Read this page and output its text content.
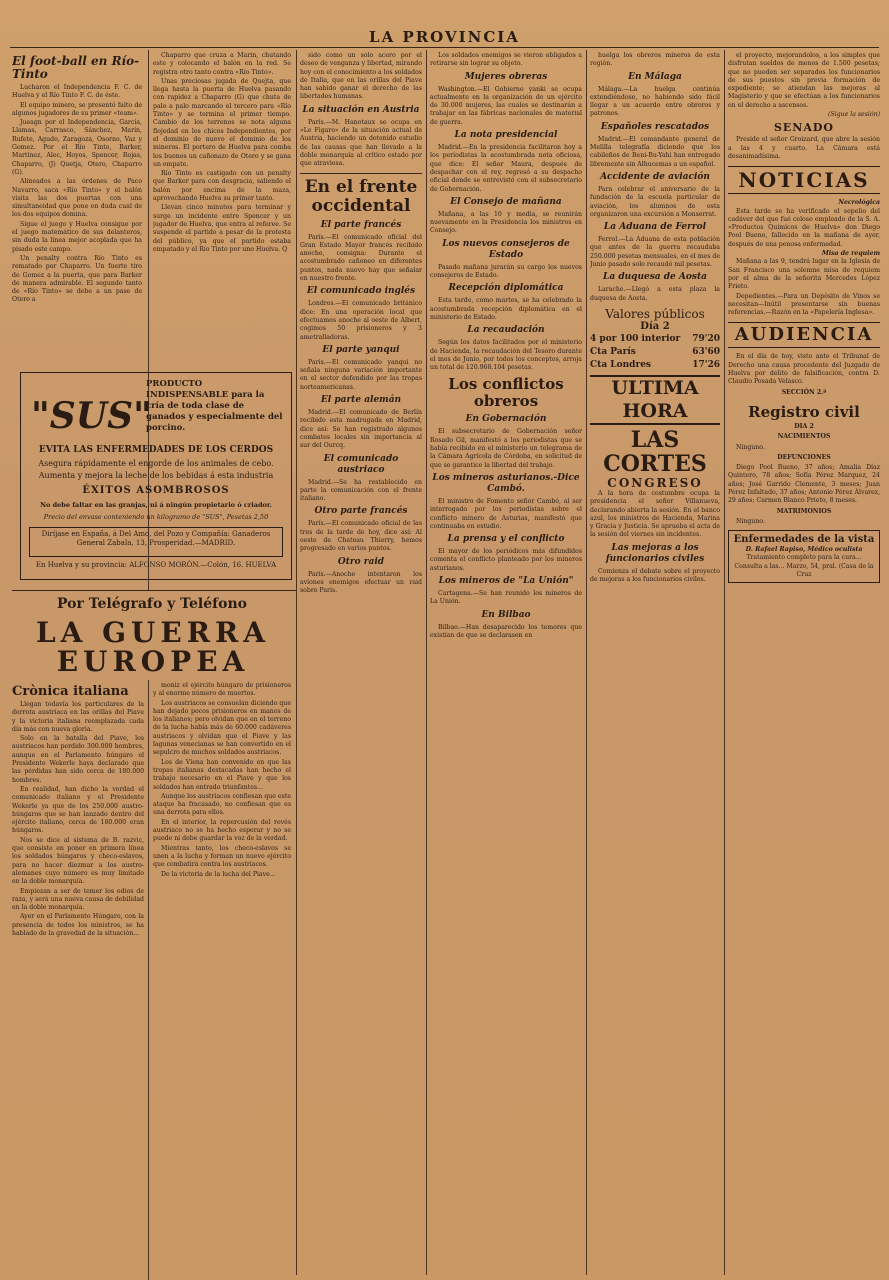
LA PROVINCIA
El foot-ball en Río-Tinto

Lucharon el Independencia F. C. de Huelva y el Río Tinto F. C. de éste.

El equipo minero, se presentó falto de algunos jugadores de su primer «team».

Jueagn por el Independencia, García, Llamas, Carrasco, Sánchez, Marín, Rufete, Agudo, Zaragoza, Osorno, Vaz y Gomez. Por el Río Tinto, Barker, Martínez, Alec, Hoyos, Spencer, Rojas, Chaparro, (J) Quetja, Otero, Chaparro (G).

Alineados a las órdenes de Paco Navarro, saca «Río Tinto» y el balón visita las dos puertas con una simultaneidad que pone en duda cual de los dos equipos domina.

Sigue el juego y Huelva consigue por el juego matemático de sus delanteros, sin duda la línea mejor acoplada que ha pisado este campo.

Un penalty contra Río Tinto es rematado por Chaparro. Un fuerte tiro de Gomez a la puerta, que para Barker de manera admirable. El segundo tanto de «Río Tinto» se debe a un pase de Otero a

Chaparro que cruza a Marín, chutando este y colocando el balón en la red. Se registra otro tanto contra «Río Tinto».

Unas preciosas jugada de Quejta, que llega hasta la puerta de Huelva pasando con rapidez a Chaparro (G) que chuta de palo a palo marcando el tercero para «Río Tinto» y se termina el primer tiempo. Cambio de los terrenos se nota alguna flojedad en los chicos Independientes, por el dominio de nuevo el dominio de los mineros. El portero de Huelva para comba los buenos un cañonazo de Otero y se gana un empate.

Río Tinto es castigado con un penalty que Barker para con desgracia, saliendo el balón por encima de la maza, aprovechando Huelva su primer tanto.

Llevan cinco minutos para terminar y surge un incidente entre Spencer y un jugador de Huelva, que entra al referee. Se suspende el partido a pesar de la protesta del público, ya que el partido estaba empatado y el Río Tinto por uno Huelva. Q

"SUS"
PRODUCTO INDISPENSABLE para la cría de toda clase de ganados y especialmente del porcino.
EVITA LAS ENFERMEDADES DE LOS CERDOS
Asegura rápidamente el engorde de los animales de cebo.
Aumenta y mejora la leche de los bebidas á esta industria
ÉXITOS ASOMBROSOS
No debe faltar en las granjas, ni á ningún propietario ó criador.
Precio del envase conteniendo un kilogramo de "SUS", Pesetas 2,50
Diríjase en España, á Del Amo, del Pozo y Compañía: Ganaderos General Zabala, 13, Prosperidad.—MADRID.
En Huelva y su provincia: ALFONSO MORÓN.—Colón, 16. HUELVA
Por Telégrafo y Teléfono
LA GUERRA EUROPEA
Crònica italiana

Llegan todavía los particulares de la derrota austriaca en las orillas del Piave y la victoria italiana reemplazada cada día más con nueva gloria.

Solo en la batalla del Piave, los austriacos han perdido 300.000 hombres, aunque en el Parlamento húngaro el Presidente Wekerle haya declarado que las pérdidas han sido cerca de 180.000 hombres.

En realidad, han dicho la verdad el comunicado italiano y el Presidente Wekerle ya que de los 250.000 austro-húngaros que se han lanzado dentro del ejército italiano, cerca de 180.000 eran húngaros.

Nos se dice al sistema de B. razvic, que consiste en poner en primera línea los soldados húngaros y checo-eslavos, para no hacer diezmar a los austro-alemanes cuyo número es muy limitado en la doble monarquía.

Empiezan a ser de temer los odios de raza, y será una nueva causa de debilidad en la doble monarquía.

Ayer en el Parlamento Húngaro, con la presencia de todos los ministros, se ha hablado de la gravedad de la situación...

moniz el ejército húngaro de prisioneros y al enorme número de muertos.

Los austriacos se consuelan diciendo que han dejado pocos prisioneros en manos de los italianos; pero olvidan que en el terreno de la lucha había más de 60.000 cadáveres austriacos y olvidan que el Piave y las lagunas venecianas se han convertido en el sepulcro de muchos soldados austriacos.

Los de Viena han convenido en que las tropas italianas destacadas han hecho el trabajo necesario en el Piave y que los soldados han entrado triunfantes...

Aunque los austriacos confiesan que este ataque ha fracasado, no confiesan que es una derrota para ellos.

En el interior, la repercusión del revés austriaco no se ha hecho esperar y no se puede ni debe guardar la voz de la verdad.

Mientras tanto, los checo-eslavos se unen a la lucha y forman un nuevo ejército que combatirá contra los austriacos.

De la victoria de la lucha del Piave...

sido como un solo acero por el deseo de venganza y libertad, mirando hoy con el conocimiento a los soldados de Italia, que en las orillas del Piave han sabido ganar el derecho de las libertades humanas.

La situación en Austria

París.—M. Hanotaux se ocupa en «Le Figaro» de la situación actual de Austria, haciendo un detenido estudio de las causas que han llevado a la doble monarquía al crítico estado por que atraviesa.

En el frente occidental
El parte francés

París.—El comunicado oficial del Gran Estado Mayor francés recibido anoche, consigna: Durante el acostumbrado cañoneo en diferentes puntos, nada nuevo hay que señalar en nuestro frente.

El comunicado inglés

Londres.—El comunicado británico dice: En una operación local que efectuamos anoche al oeste de Albert, cogimos 50 prisioneros y 3 ametralladoras.

El parte yanqui

París.—El comunicado yanqui no señala ninguna variación importante en el sector defendido por las tropas norteamericanas.

El parte alemán

Madrid.—El comunicado de Berlín recibido esta madrugada en Madrid, dice así: Se han registrado algunos combates locales sin importancia al sur del Ourcq.

El comunicado austriaco

Madrid.—Se ha restablecido en parte la comunicación con el frente italiano.

Otro parte francés

París.—El comunicado oficial de las tres de la tarde de hoy, dice así: Al oeste de Chateau Thierry, hemos progresado en varios puntos.

Otro raid

París.—Anoche intentaron los aviones enemigos efectuar un raid sobre París.

Los soldados enemigos se vieron obligados a retirarse sin lograr su objeto.

Mujeres obreras

Washington.—El Gobierno yanki se ocupa actualmente en la organización de un ejército de 30.000 mujeres, las cuales se destinarán a trabajar en las fábricas nacionales de material de guerra.

La nota presidencial

Madrid.—En la presidencia facilitaron hoy a los periodistas la acostumbrada nota oficiosa, que dice: El señor Maura, después de despachar con el rey, regresó a su despacho oficial donde se entrevistó con el subsecretario de Gobernación.

El Consejo de mañana

Mañana, a las 10 y media, se reunirán nuevamente en la Presidencia los ministros en Consejo.

Los nuevos consejeros de Estado

Pasado mañana jurarán su cargo los nuevos consejeros de Estado.

Recepción diplomática

Esta tarde, como martes, se ha celebrado la acostumbrada recepción diplomática en el ministerio de Estado.

La recaudación

Según los datos facilitados por el ministerio de Hacienda, la recaudación del Tesoro durante el mes de Junio, por todos los conceptos, arroja un total de 120.968.104 pesetas.

Los conflictos obreros
En Gobernación

El subsecretario de Gobernación señor Rosado Gil, manifestó a los periodistas que se había recibido en el ministerio un telegrama de la Cámara Agrícola de Córdoba, en solicitud de que se garantice la libertad del trabajo.

Los mineros asturianos.-Dice Cambó.

El ministro de Fomento señor Cambó, al ser interrogado por los periodistas sobre el conflicto minero de Asturias, manifestó que continuaba en estudio.

La prensa y el conflicto

El mayor de los periódicos más difundidos comenta el conflicto planteado por los mineros asturianos.

Los mineros de "La Unión"

Cartagena.—Se han reunido los mineros de La Unión.

En Bilbao

Bilbao.—Han desaparecido los temores que existían de que se declarasen en

huelga los obreros mineros de esta región.

En Málaga

Málaga.—La huelga continúa extendiéndose, no habiendo sido fácil llegar a un acuerdo entre obreros y patronos.

Españoles rescatados

Madrid.—El comandante general de Melilla telegrafía diciendo que los cabileños de Beni-Bu-Yahi han entregado libremente sin Alhucemas a un español.

Accidente de aviación

Para celebrar el aniversario de la fundación de la escuela particular de aviación, los alumnos de esta organizaron una excursión a Monserrat.

La Aduana de Ferrol

Ferrol.—La Aduana de esta población que antes de la guerra recaudaba 250.000 pesetas mensuales, en el mes de Junio pasado solo recaudó mil pesetas.

La duquesa de Aosta

Larache.—Llegó a esta plaza la duquesa de Aosta.

Valores públicos
Día 2
4 por 100 interior 79'20
Cta París	63'60
Cta Londres	17'26
ULTIMA HORA
LAS CORTES
CONGRESO

A la hora de costumbre ocupa la presidencia el señor Villanueva, declarando abierta la sesión. En el banco azul, los ministros de Hacienda, Marina y Gracia y Justicia. Se aprueba el acta de la sesión del viernes sin incidentes.

Las mejoras a los funcionarios civiles

Comienza el debate sobre el proyecto de mejoras a los funcionarios civiles.

el proyecto, mejorandolos, a los simples que disfrutan sueldos de menos de 1.500 pesetas; que no pueden ser separados los funcionarios de sus puestos sin previa formación de expediente; se atiendan las mejoras al Magisterio y que se efectúan a los funcionarios en el derecho a ascensos.

(Sigue la sesión)

SENADO

Preside el señor Groizard, que abre la sesión a las 4 y cuarto. La Cámara está desanimadísima.

NOTICIAS
Necrológica

Esta tarde se ha verificado el sepelio del cadáver del que fué celoso empleado de la S. A. «Productos Químicos de Huelva» don Diego Pool Bueno, fallecido en la mañana de ayer, después de una penosa enfermedad.

Misa de requiem

Mañana a las 9, tendrá lugar en la Iglesia de San Francisco una solemne misa de requiem por el alma de la señorita Mercedes López Frieto.

Depedientes.—Para un Depósito de Vinos se necesitan—Inútil presentarse sin buenas referencias.—Razón en la «Papelería Inglesa».

AUDIENCIA

En el día de hoy, visto ante el Tribunal de Derecho una causa procedente del Juzgado de Huelva por delito de falsificación, contra D. Claudio Posada Velasco.

SECCIÓN 2.ª
Registro civil
DIA 2
NACIMIENTOS

Ninguno.

DEFUNCIONES

Diego Pool Bueno, 37 años; Amalia Díaz Quintero, 78 años; Sofía Pérez Marquez, 24 años; José Garrido Clemente, 3 meses; Juan Pérez Infaltado, 37 años; Antonio Pérez Álvarez, 29 años; Carmen Blanco Prieto, 8 meses.

MATRIMONIOS

Ninguno.

Enfermedades de la vista
D. Rafael Rapiso, Médico oculista
Tratamiento completo para la cura... Consulta a las... Marzo, 54, pral. (Casa de la Cruz
